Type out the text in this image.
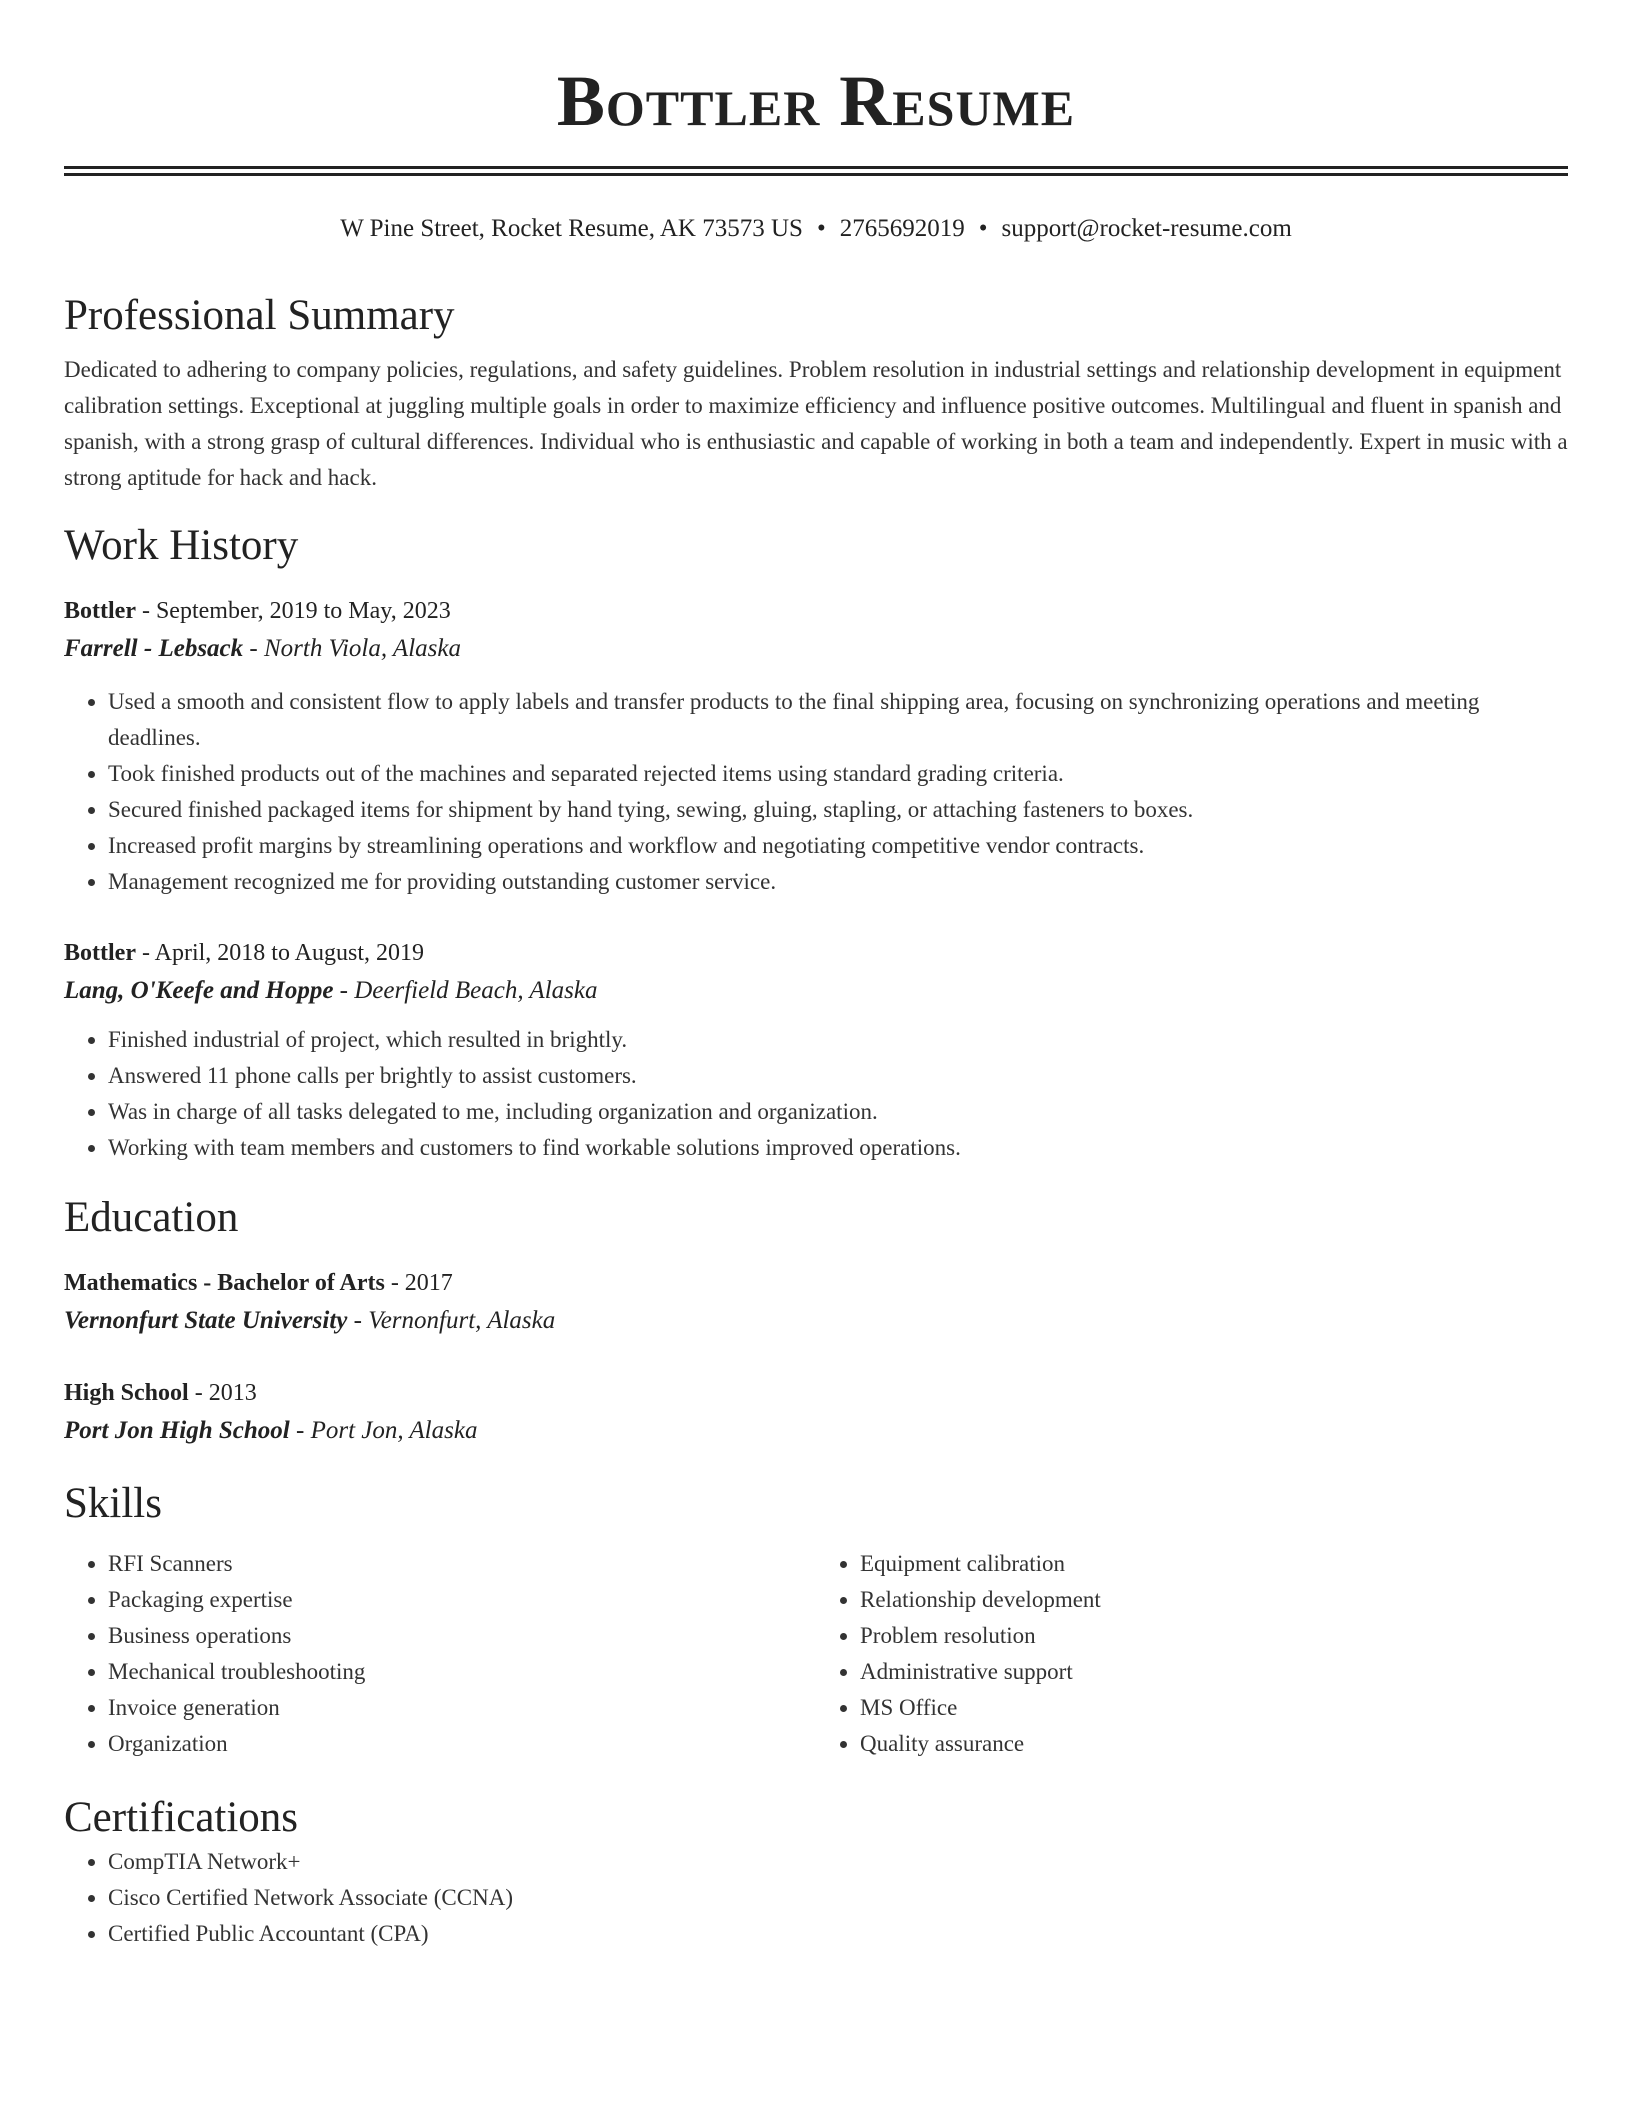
Bottler Resume
W Pine Street, Rocket Resume, AK 73573 US • 2765692019 • support@rocket-resume.com
Professional Summary

Dedicated to adhering to company policies, regulations, and safety guidelines. Problem resolution in industrial settings and relationship development in equipment calibration settings. Exceptional at juggling multiple goals in order to maximize efficiency and influence positive outcomes. Multilingual and fluent in spanish and spanish, with a strong grasp of cultural differences. Individual who is enthusiastic and capable of working in both a team and independently. Expert in music with a strong aptitude for hack and hack.

Work History
Bottler - September, 2019 to May, 2023
Farrell - Lebsack - North Viola, Alaska
• Used a smooth and consistent flow to apply labels and transfer products to the final shipping area, focusing on synchronizing operations and meeting deadlines.
• Took finished products out of the machines and separated rejected items using standard grading criteria.
• Secured finished packaged items for shipment by hand tying, sewing, gluing, stapling, or attaching fasteners to boxes.
• Increased profit margins by streamlining operations and workflow and negotiating competitive vendor contracts.
• Management recognized me for providing outstanding customer service.
Bottler - April, 2018 to August, 2019
Lang, O'Keefe and Hoppe - Deerfield Beach, Alaska
• Finished industrial of project, which resulted in brightly.
• Answered 11 phone calls per brightly to assist customers.
• Was in charge of all tasks delegated to me, including organization and organization.
• Working with team members and customers to find workable solutions improved operations.
Education
Mathematics - Bachelor of Arts - 2017
Vernonfurt State University - Vernonfurt, Alaska
High School - 2013
Port Jon High School - Port Jon, Alaska
Skills
• RFI Scanners
• Packaging expertise
• Business operations
• Mechanical troubleshooting
• Invoice generation
• Organization
• Equipment calibration
• Relationship development
• Problem resolution
• Administrative support
• MS Office
• Quality assurance
Certifications
• CompTIA Network+
• Cisco Certified Network Associate (CCNA)
• Certified Public Accountant (CPA)
